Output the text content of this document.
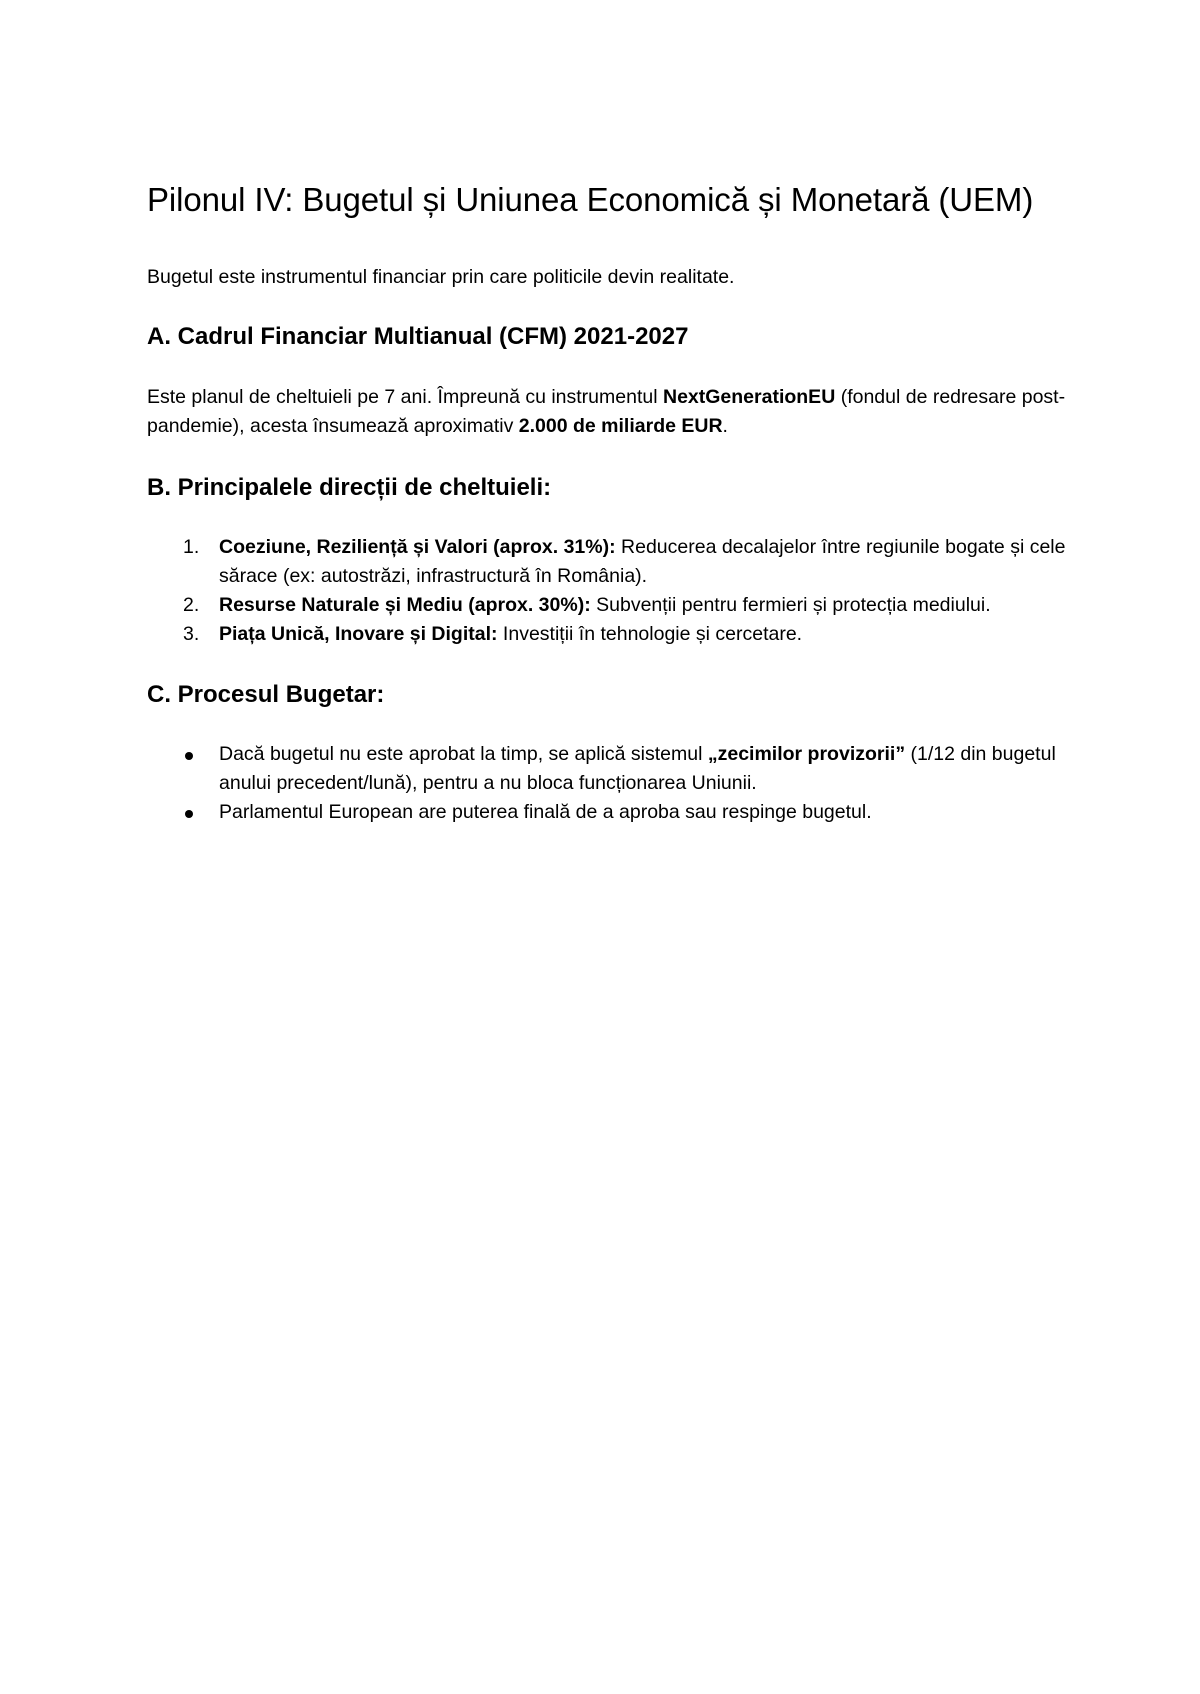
Pilonul IV: Bugetul și Uniunea Economică și Monetară (UEM)

Bugetul este instrumentul financiar prin care politicile devin realitate.

A. Cadrul Financiar Multianual (CFM) 2021-2027

Este planul de cheltuieli pe 7 ani. Împreună cu instrumentul NextGenerationEU (fondul de redresare post-pandemie), acesta însumează aproximativ 2.000 de miliarde EUR.

B. Principalele direcții de cheltuieli:
1.	Coeziune, Reziliență și Valori (aprox. 31%): Reducerea decalajelor între regiunile bogate și cele sărace (ex: autostrăzi, infrastructură în România).
2.	Resurse Naturale și Mediu (aprox. 30%): Subvenții pentru fermieri și protecția mediului.
3.	Piața Unică, Inovare și Digital: Investiții în tehnologie și cercetare.
C. Procesul Bugetar:
Dacă bugetul nu este aprobat la timp, se aplică sistemul „zecimilor provizorii” (1/12 din bugetul anului precedent/lună), pentru a nu bloca funcționarea Uniunii.
Parlamentul European are puterea finală de a aproba sau respinge bugetul.
